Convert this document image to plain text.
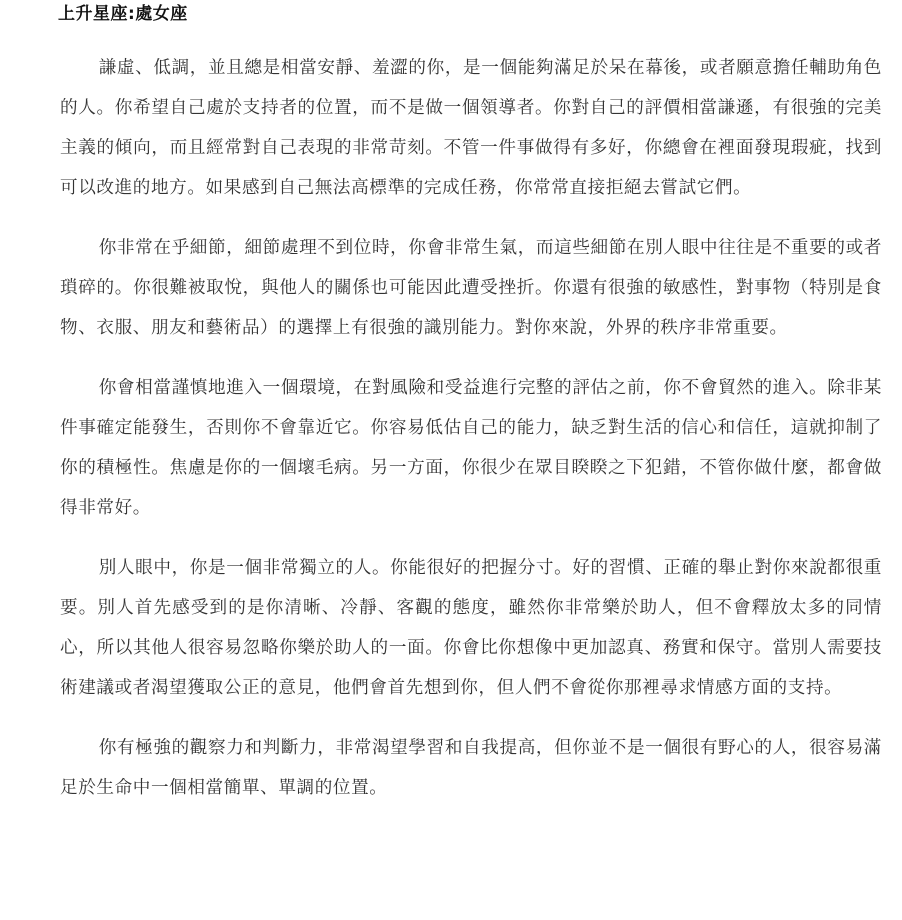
上升星座:處女座

謙虛、低調，並且總是相當安靜、羞澀的你，是一個能夠滿足於呆在幕後，或者願意擔任輔助角色的人。你希望自己處於支持者的位置，而不是做一個領導者。你對自己的評價相當謙遜，有很強的完美主義的傾向，而且經常對自己表現的非常苛刻。不管一件事做得有多好，你總會在裡面發現瑕疵，找到可以改進的地方。如果感到自己無法高標準的完成任務，你常常直接拒絕去嘗試它們。

你非常在乎細節，細節處理不到位時，你會非常生氣，而這些細節在別人眼中往往是不重要的或者瑣碎的。你很難被取悅，與他人的關係也可能因此遭受挫折。你還有很強的敏感性，對事物（特別是食物、衣服、朋友和藝術品）的選擇上有很強的識別能力。對你來說，外界的秩序非常重要。

你會相當謹慎地進入一個環境，在對風險和受益進行完整的評估之前，你不會貿然的進入。除非某件事確定能發生，否則你不會靠近它。你容易低估自己的能力，缺乏對生活的信心和信任，這就抑制了你的積極性。焦慮是你的一個壞毛病。另一方面，你很少在眾目睽睽之下犯錯，不管你做什麼，都會做得非常好。

別人眼中，你是一個非常獨立的人。你能很好的把握分寸。好的習慣、正確的舉止對你來說都很重要。別人首先感受到的是你清晰、冷靜、客觀的態度，雖然你非常樂於助人，但不會釋放太多的同情心，所以其他人很容易忽略你樂於助人的一面。你會比你想像中更加認真、務實和保守。當別人需要技術建議或者渴望獲取公正的意見，他們會首先想到你，但人們不會從你那裡尋求情感方面的支持。

你有極強的觀察力和判斷力，非常渴望學習和自我提高，但你並不是一個很有野心的人，很容易滿足於生命中一個相當簡單、單調的位置。
